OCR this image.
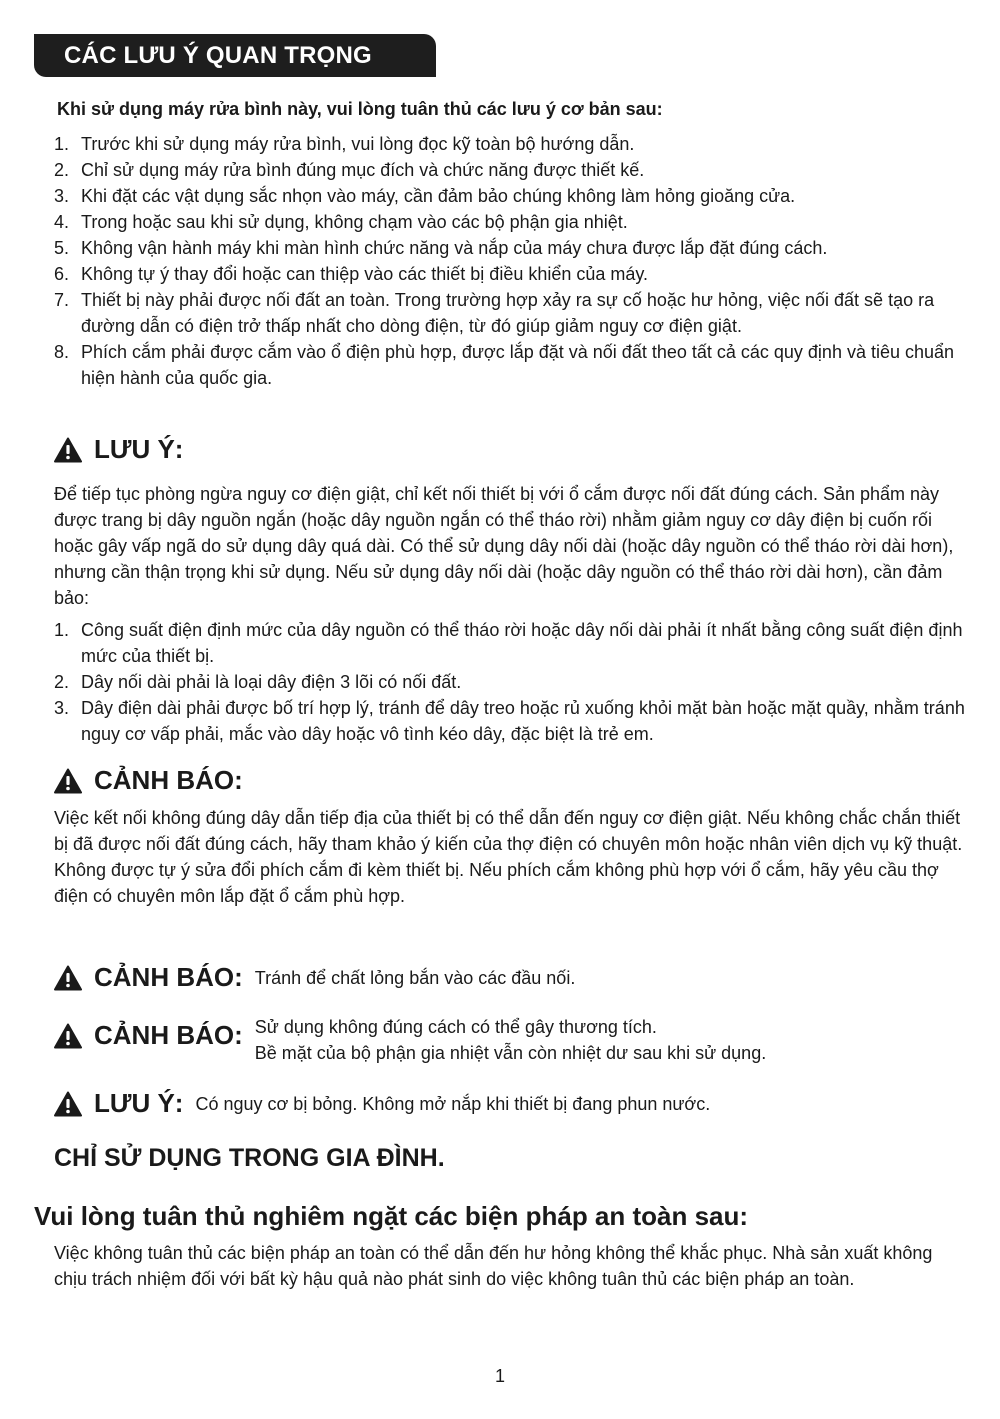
CÁC LƯU Ý QUAN TRỌNG
Khi sử dụng máy rửa bình này, vui lòng tuân thủ các lưu ý cơ bản sau:
1. Trước khi sử dụng máy rửa bình, vui lòng đọc kỹ toàn bộ hướng dẫn.
2. Chỉ sử dụng máy rửa bình đúng mục đích và chức năng được thiết kế.
3. Khi đặt các vật dụng sắc nhọn vào máy, cần đảm bảo chúng không làm hỏng gioăng cửa.
4. Trong hoặc sau khi sử dụng, không chạm vào các bộ phận gia nhiệt.
5. Không vận hành máy khi màn hình chức năng và nắp của máy chưa được lắp đặt đúng cách.
6. Không tự ý thay đổi hoặc can thiệp vào các thiết bị điều khiển của máy.
7. Thiết bị này phải được nối đất an toàn. Trong trường hợp xảy ra sự cố hoặc hư hỏng, việc nối đất sẽ tạo ra đường dẫn có điện trở thấp nhất cho dòng điện, từ đó giúp giảm nguy cơ điện giật.
8. Phích cắm phải được cắm vào ổ điện phù hợp, được lắp đặt và nối đất theo tất cả các quy định và tiêu chuẩn hiện hành của quốc gia.
LƯU Ý:
Để tiếp tục phòng ngừa nguy cơ điện giật, chỉ kết nối thiết bị với ổ cắm được nối đất đúng cách. Sản phẩm này được trang bị dây nguồn ngắn (hoặc dây nguồn ngắn có thể tháo rời) nhằm giảm nguy cơ dây điện bị cuốn rối hoặc gây vấp ngã do sử dụng dây quá dài. Có thể sử dụng dây nối dài (hoặc dây nguồn có thể tháo rời dài hơn), nhưng cần thận trọng khi sử dụng. Nếu sử dụng dây nối dài (hoặc dây nguồn có thể tháo rời dài hơn), cần đảm bảo:
1. Công suất điện định mức của dây nguồn có thể tháo rời hoặc dây nối dài phải ít nhất bằng công suất điện định mức của thiết bị.
2. Dây nối dài phải là loại dây điện 3 lõi có nối đất.
3. Dây điện dài phải được bố trí hợp lý, tránh để dây treo hoặc rủ xuống khỏi mặt bàn hoặc mặt quầy, nhằm tránh nguy cơ vấp phải, mắc vào dây hoặc vô tình kéo dây, đặc biệt là trẻ em.
CẢNH BÁO:
Việc kết nối không đúng dây dẫn tiếp địa của thiết bị có thể dẫn đến nguy cơ điện giật. Nếu không chắc chắn thiết bị đã được nối đất đúng cách, hãy tham khảo ý kiến của thợ điện có chuyên môn hoặc nhân viên dịch vụ kỹ thuật.
Không được tự ý sửa đổi phích cắm đi kèm thiết bị. Nếu phích cắm không phù hợp với ổ cắm, hãy yêu cầu thợ điện có chuyên môn lắp đặt ổ cắm phù hợp.
CẢNH BÁO: Tránh để chất lỏng bắn vào các đầu nối.
CẢNH BÁO: Sử dụng không đúng cách có thể gây thương tích.
Bề mặt của bộ phận gia nhiệt vẫn còn nhiệt dư sau khi sử dụng.
LƯU Ý: Có nguy cơ bị bỏng. Không mở nắp khi thiết bị đang phun nước.
CHỈ SỬ DỤNG TRONG GIA ĐÌNH.
Vui lòng tuân thủ nghiêm ngặt các biện pháp an toàn sau:
Việc không tuân thủ các biện pháp an toàn có thể dẫn đến hư hỏng không thể khắc phục. Nhà sản xuất không chịu trách nhiệm đối với bất kỳ hậu quả nào phát sinh do việc không tuân thủ các biện pháp an toàn.
1
